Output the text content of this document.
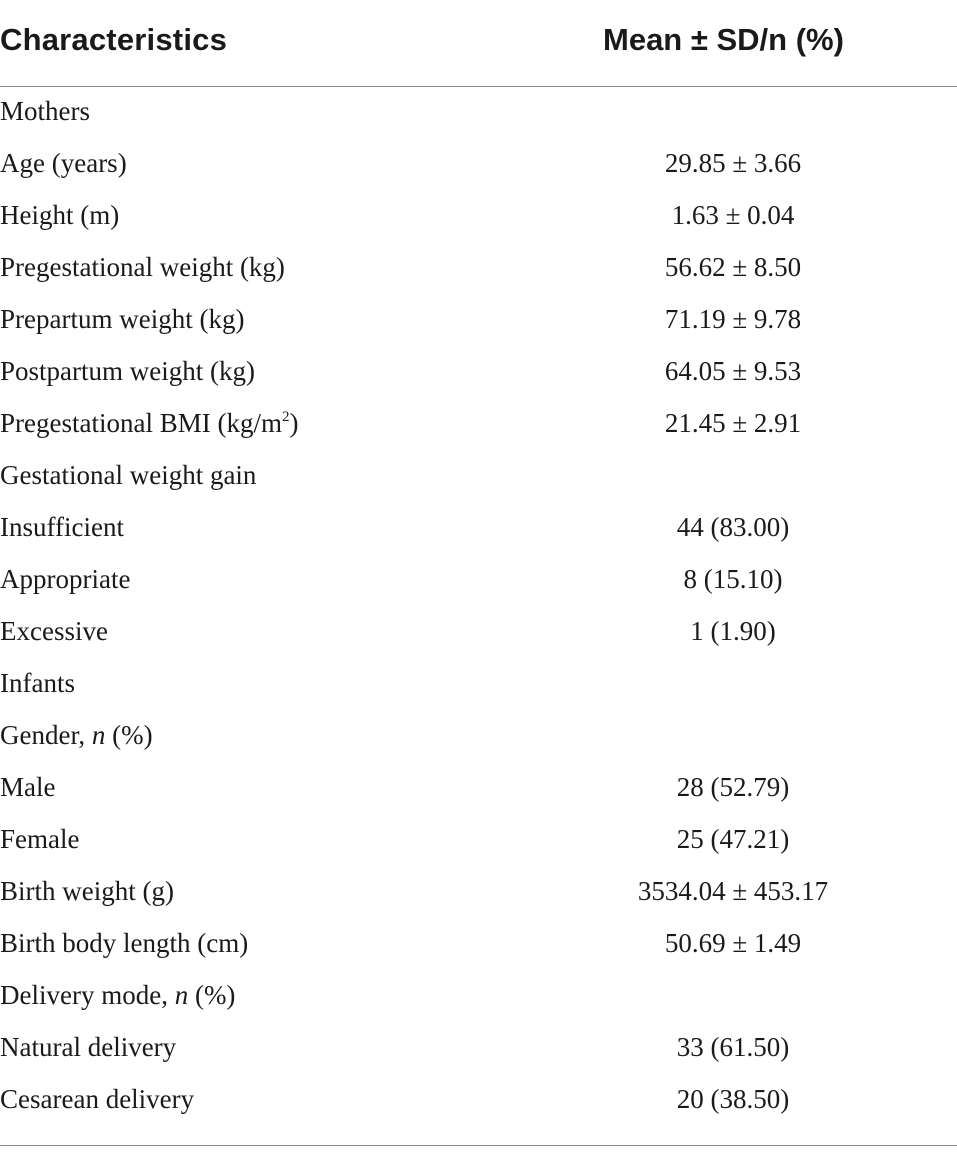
Characteristics	Mean ± SD/n (%)
Mothers
Age (years)	29.85 ± 3.66
Height (m)	1.63 ± 0.04
Pregestational weight (kg)	56.62 ± 8.50
Prepartum weight (kg)	71.19 ± 9.78
Postpartum weight (kg)	64.05 ± 9.53
Pregestational BMI $(kg/m^2)$	21.45 ± 2.91
Gestational weight gain
Insufficient	44 (83.00)
Appropriate	8 (15.10)
Excessive	1 (1.90)
Infants
Gender, n (%)
Male	28 (52.79)
Female	25 (47.21)
Birth weight (g)	3534.04 ± 453.17
Birth body length (cm)	50.69 ± 1.49
Delivery mode, n (%)
Natural delivery	33 (61.50)
Cesarean delivery	20 (38.50)
